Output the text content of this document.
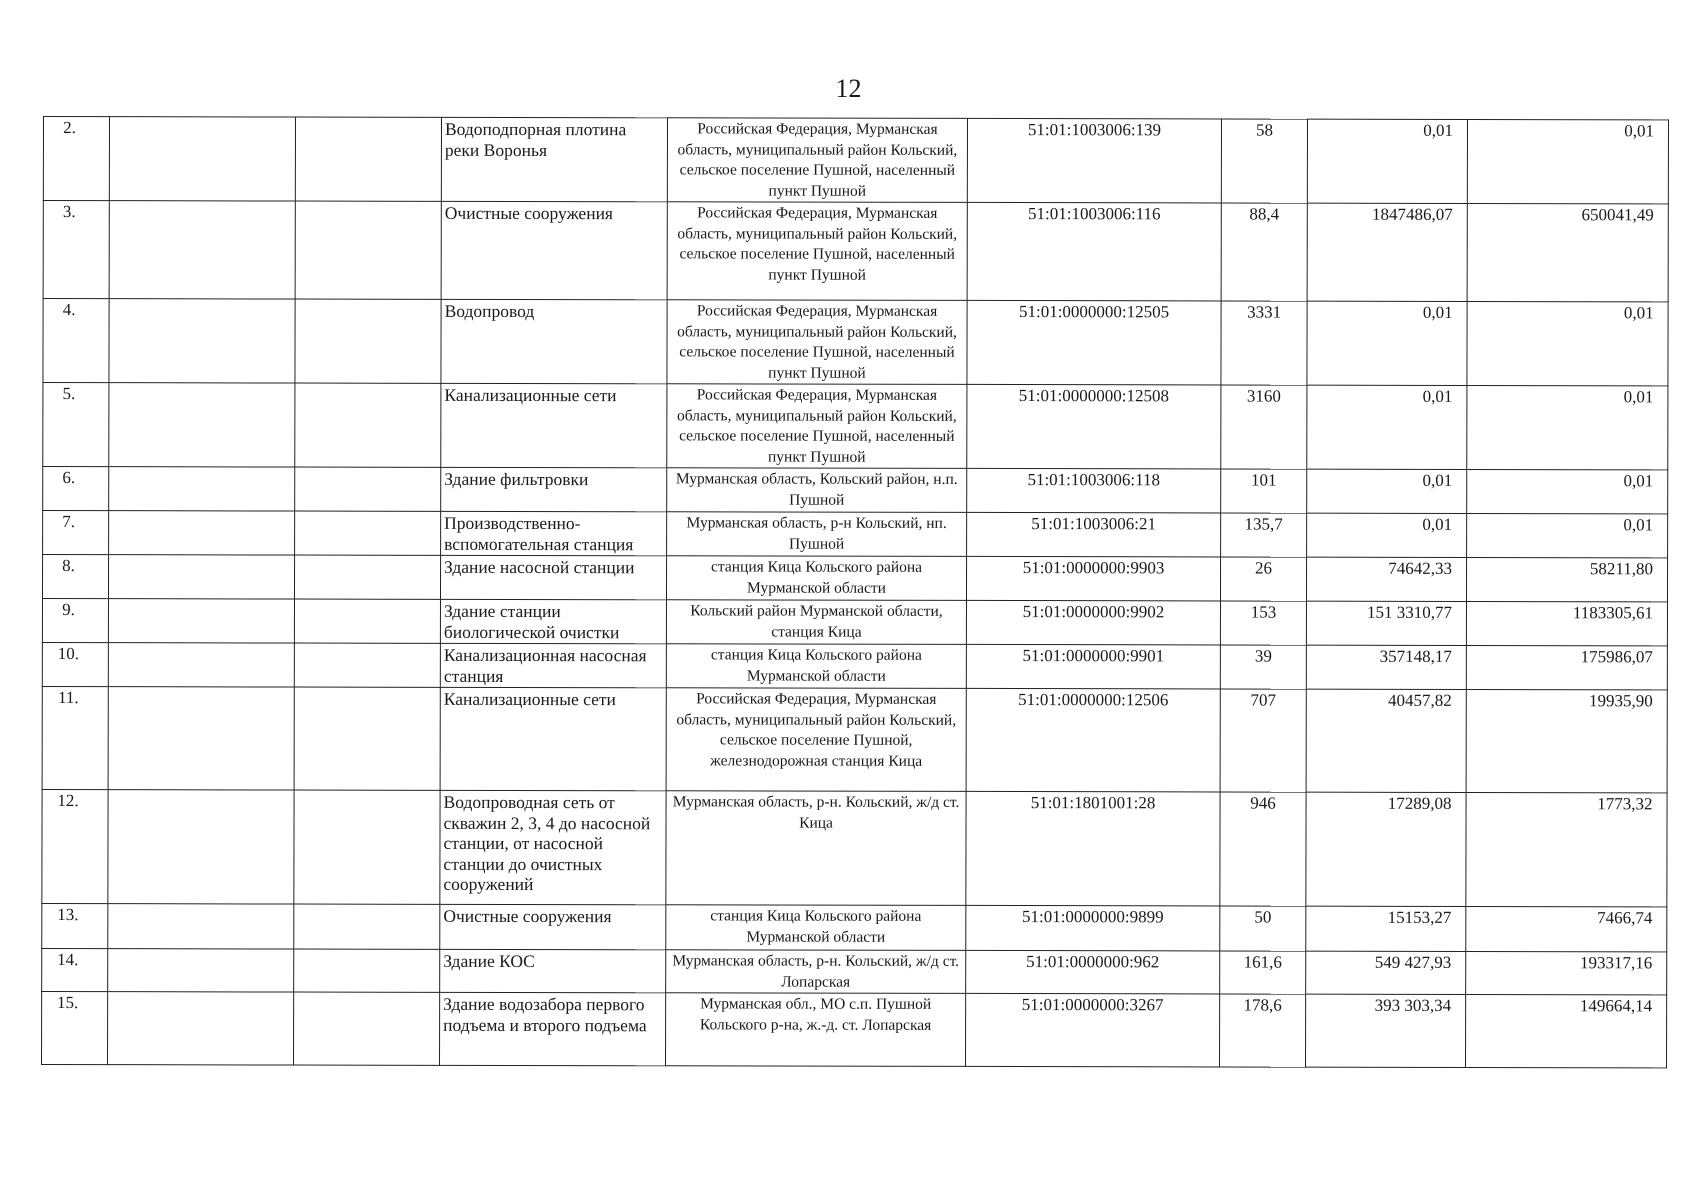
12
2.			Водоподпорная плотина реки Воронья	Российская Федерация, Мурманская область, муниципальный район Кольский, сельское поселение Пушной, населенный пункт Пушной	51:01:1003006:139	58	0,01	0,01
3.			Очистные сооружения	Российская Федерация, Мурманская область, муниципальный район Кольский, сельское поселение Пушной, населенный пункт Пушной	51:01:1003006:116	88,4	1847486,07	650041,49
4.			Водопровод	Российская Федерация, Мурманская область, муниципальный район Кольский, сельское поселение Пушной, населенный пункт Пушной	51:01:0000000:12505	3331	0,01	0,01
5.			Канализационные сети	Российская Федерация, Мурманская область, муниципальный район Кольский, сельское поселение Пушной, населенный пункт Пушной	51:01:0000000:12508	3160	0,01	0,01
6.			Здание фильтровки	Мурманская область, Кольский район, н.п. Пушной	51:01:1003006:118	101	0,01	0,01
7.			Производственно-вспомогательная станция	Мурманская область, р-н Кольский, нп. Пушной	51:01:1003006:21	135,7	0,01	0,01
8.			Здание насосной станции	станция Кица Кольского района Мурманской области	51:01:0000000:9903	26	74642,33	58211,80
9.			Здание станции биологической очистки	Кольский район Мурманской области, станция Кица	51:01:0000000:9902	153	151 3310,77	1183305,61
10.			Канализационная насосная станция	станция Кица Кольского района Мурманской области	51:01:0000000:9901	39	357148,17	175986,07
11.			Канализационные сети	Российская Федерация, Мурманская область, муниципальный район Кольский, сельское поселение Пушной, железнодорожная станция Кица	51:01:0000000:12506	707	40457,82	19935,90
12.			Водопроводная сеть от скважин 2, 3, 4 до насосной станции, от насосной станции до очистных сооружений	Мурманская область, р-н. Кольский, ж/д ст. Кица	51:01:1801001:28	946	17289,08	1773,32
13.			Очистные сооружения	станция Кица Кольского района Мурманской области	51:01:0000000:9899	50	15153,27	7466,74
14.			Здание КОС	Мурманская область, р-н. Кольский, ж/д ст. Лопарская	51:01:0000000:962	161,6	549 427,93	193317,16
15.			Здание водозабора первого подъема и второго подъема	Мурманская обл., МО с.п. Пушной Кольского р-на, ж.-д. ст. Лопарская	51:01:0000000:3267	178,6	393 303,34	149664,14
